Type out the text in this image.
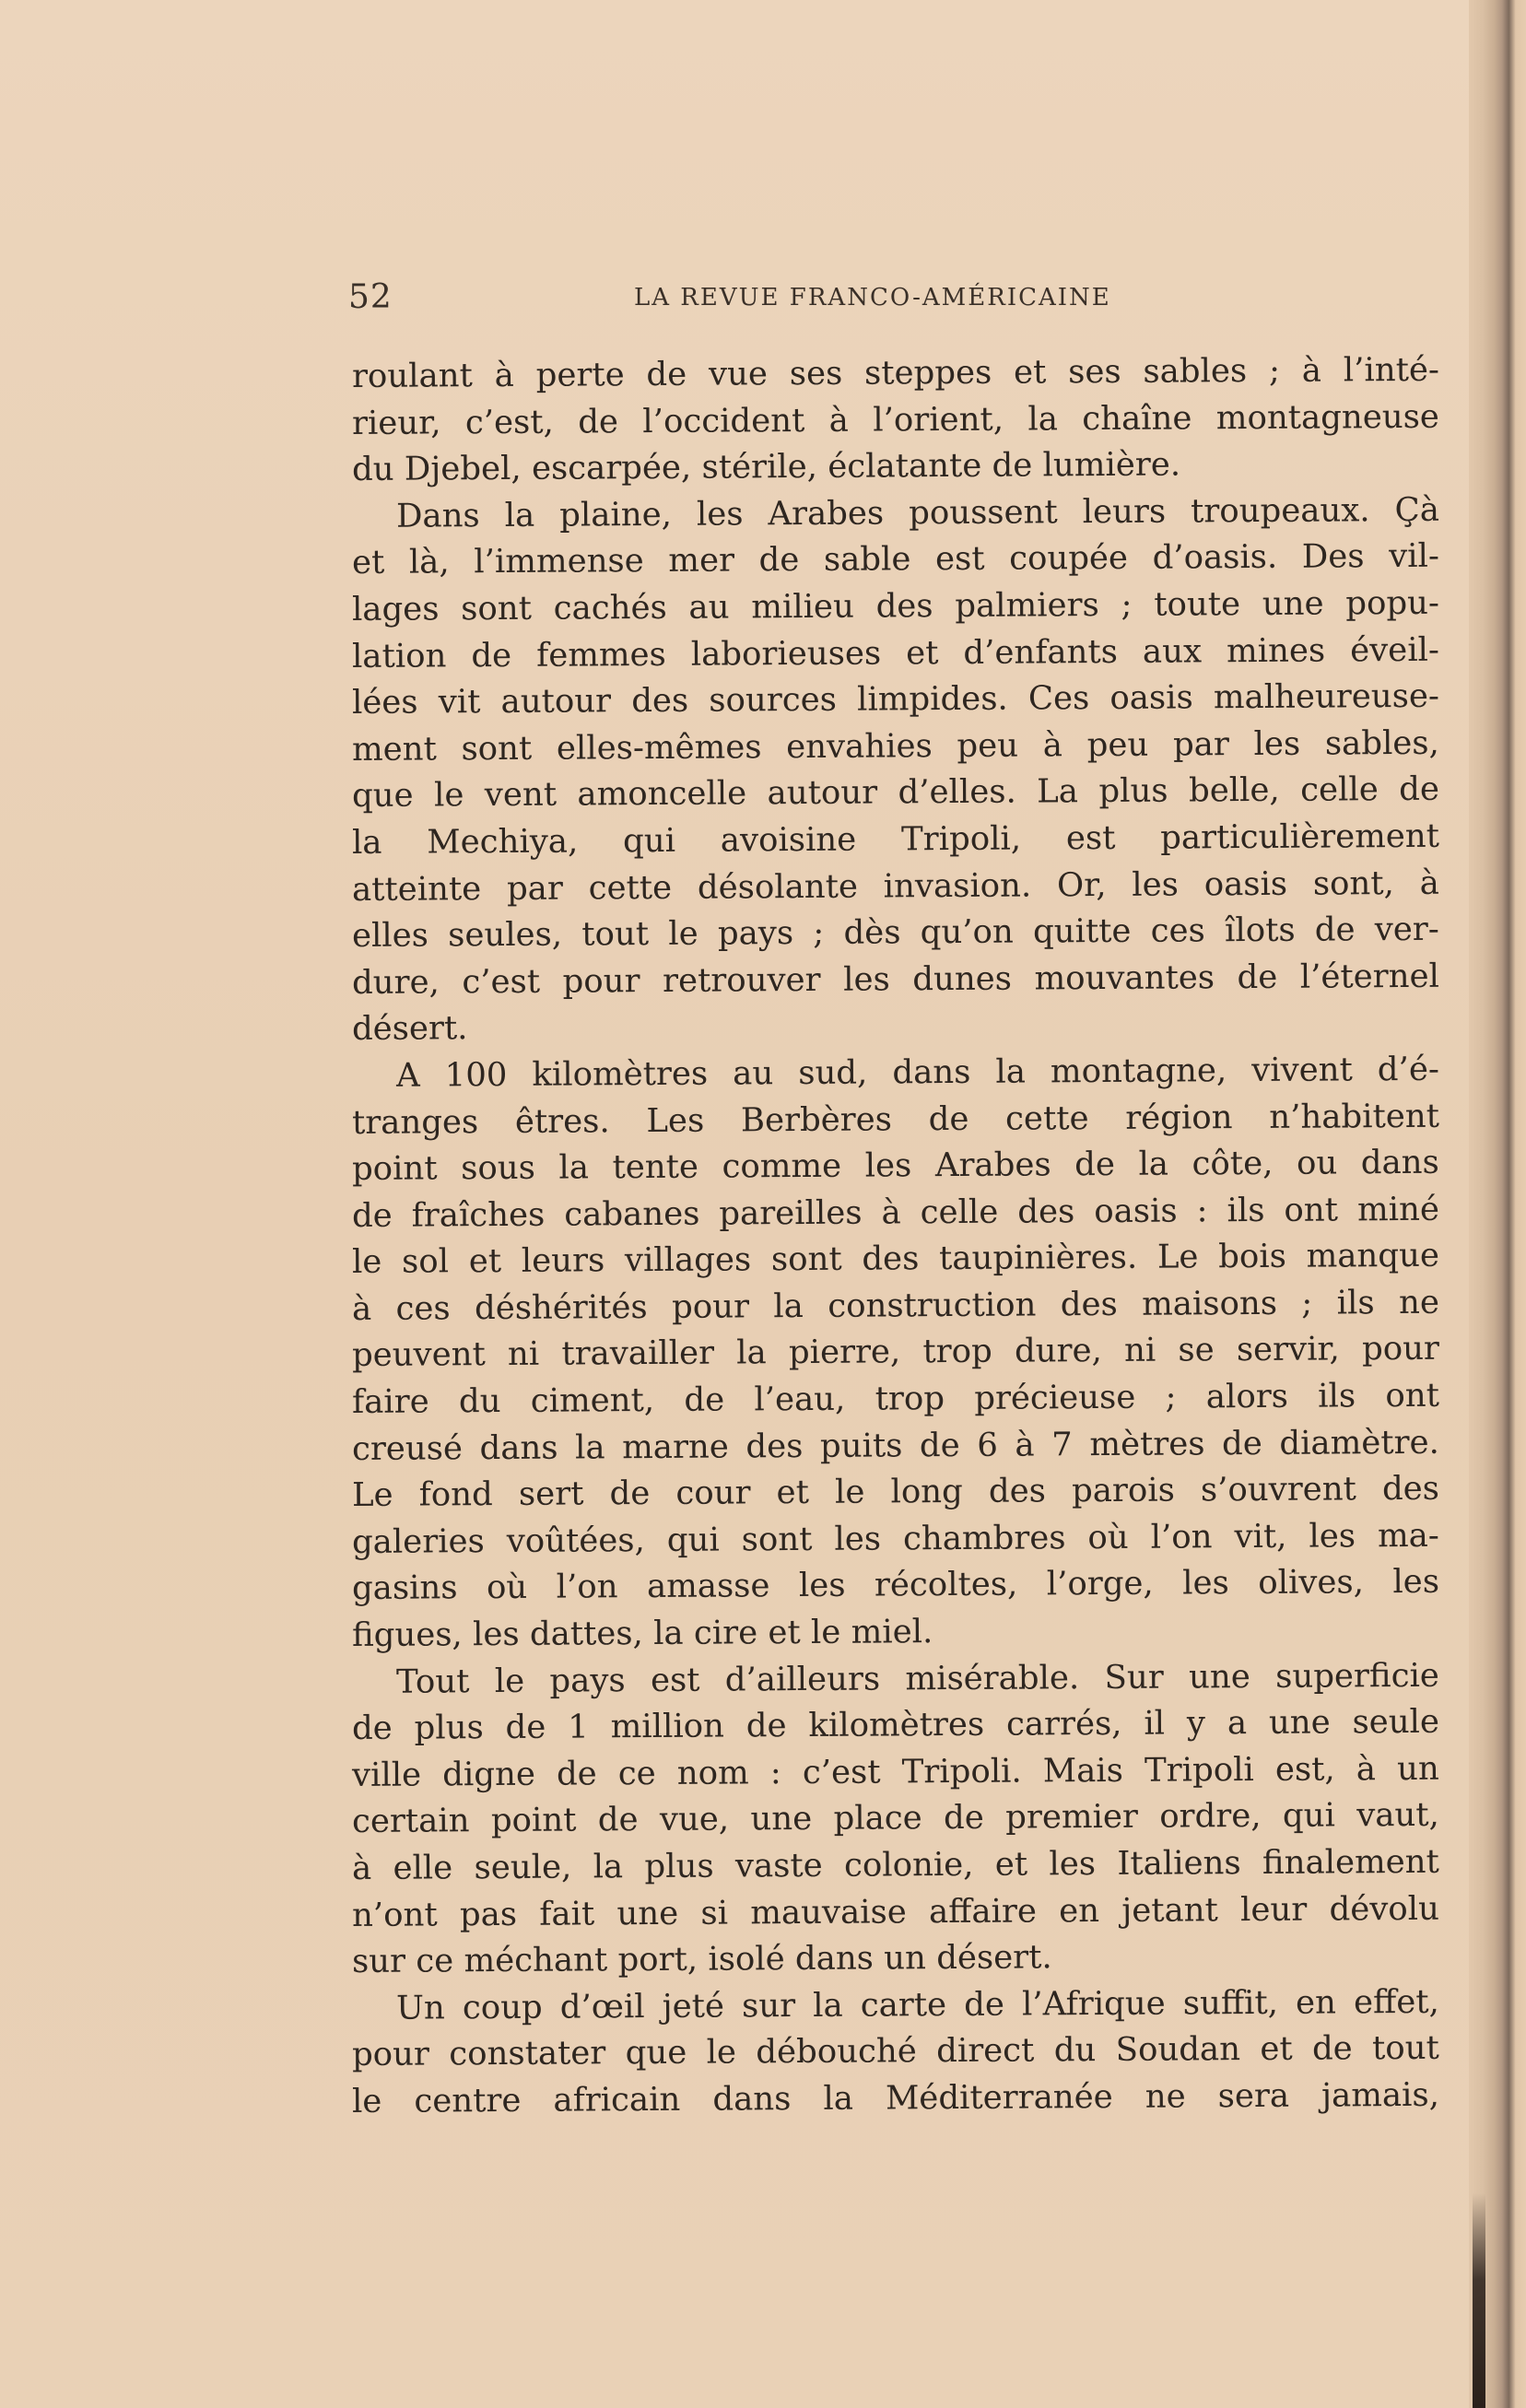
52	LA REVUE FRANCO-AMÉRICAINE
roulant à perte de vue ses steppes et ses sables ; à l’inté-
rieur, c’est, de l’occident à l’orient, la chaîne montagneuse
du Djebel, escarpée, stérile, éclatante de lumière.
Dans la plaine, les Arabes poussent leurs troupeaux. Çà
et là, l’immense mer de sable est coupée d’oasis. Des vil-
lages sont cachés au milieu des palmiers ; toute une popu-
lation de femmes laborieuses et d’enfants aux mines éveil-
lées vit autour des sources limpides. Ces oasis malheureuse-
ment sont elles-mêmes envahies peu à peu par les sables,
que le vent amoncelle autour d’elles. La plus belle, celle de
la Mechiya, qui avoisine Tripoli, est particulièrement
atteinte par cette désolante invasion. Or, les oasis sont, à
elles seules, tout le pays ; dès qu’on quitte ces îlots de ver-
dure, c’est pour retrouver les dunes mouvantes de l’éternel
désert.
A 100 kilomètres au sud, dans la montagne, vivent d’é-
tranges êtres. Les Berbères de cette région n’habitent
point sous la tente comme les Arabes de la côte, ou dans
de fraîches cabanes pareilles à celle des oasis : ils ont miné
le sol et leurs villages sont des taupinières. Le bois manque
à ces déshérités pour la construction des maisons ; ils ne
peuvent ni travailler la pierre, trop dure, ni se servir, pour
faire du ciment, de l’eau, trop précieuse ; alors ils ont
creusé dans la marne des puits de 6 à 7 mètres de diamètre.
Le fond sert de cour et le long des parois s’ouvrent des
galeries voûtées, qui sont les chambres où l’on vit, les ma-
gasins où l’on amasse les récoltes, l’orge, les olives, les
figues, les dattes, la cire et le miel.
Tout le pays est d’ailleurs misérable. Sur une superficie
de plus de 1 million de kilomètres carrés, il y a une seule
ville digne de ce nom : c’est Tripoli. Mais Tripoli est, à un
certain point de vue, une place de premier ordre, qui vaut,
à elle seule, la plus vaste colonie, et les Italiens finalement
n’ont pas fait une si mauvaise affaire en jetant leur dévolu
sur ce méchant port, isolé dans un désert.
Un coup d’œil jeté sur la carte de l’Afrique suffit, en effet,
pour constater que le débouché direct du Soudan et de tout
le centre africain dans la Méditerranée ne sera jamais,
